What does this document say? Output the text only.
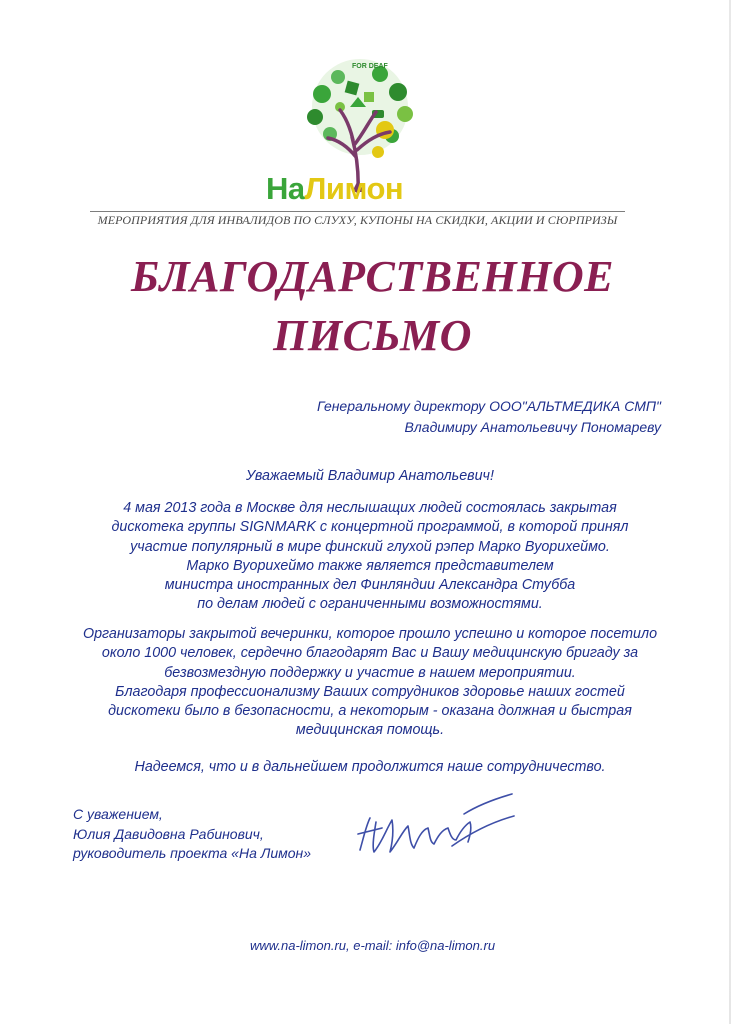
FOR DEAF
НаЛимон
МЕРОПРИЯТИЯ ДЛЯ ИНВАЛИДОВ ПО СЛУХУ, КУПОНЫ НА СКИДКИ, АКЦИИ И СЮРПРИЗЫ
БЛАГОДАРСТВЕННОЕ
ПИСЬМО
Генеральному директору ООО"АЛЬТМЕДИКА СМП"
Владимиру Анатольевичу Пономареву
Уважаемый Владимир Анатольевич!
4 мая 2013 года в Москве для неслышащих людей состоялась закрытая
дискотека группы SIGNMARK с концертной программой, в которой принял
участие популярный в мире финский глухой рэпер Марко Вуорихеймо.
Марко Вуорихеймо также является представителем
министра иностранных дел Финляндии Александра Стубба
по делам людей с ограниченными возможностями.
Организаторы закрытой вечеринки, которое прошло успешно и которое посетило
около 1000 человек, сердечно благодарят Вас и Вашу медицинскую бригаду за
безвозмездную поддержку и участие в нашем мероприятии.
Благодаря профессионализму Ваших сотрудников здоровье наших гостей
дискотеки было в безопасности, а некоторым - оказана должная и быстрая
медицинская помощь.
Надеемся, что и в дальнейшем продолжится наше сотрудничество.
С уважением,
Юлия Давидовна Рабинович,
руководитель проекта «На Лимон»
www.na-limon.ru, e-mail: info@na-limon.ru
